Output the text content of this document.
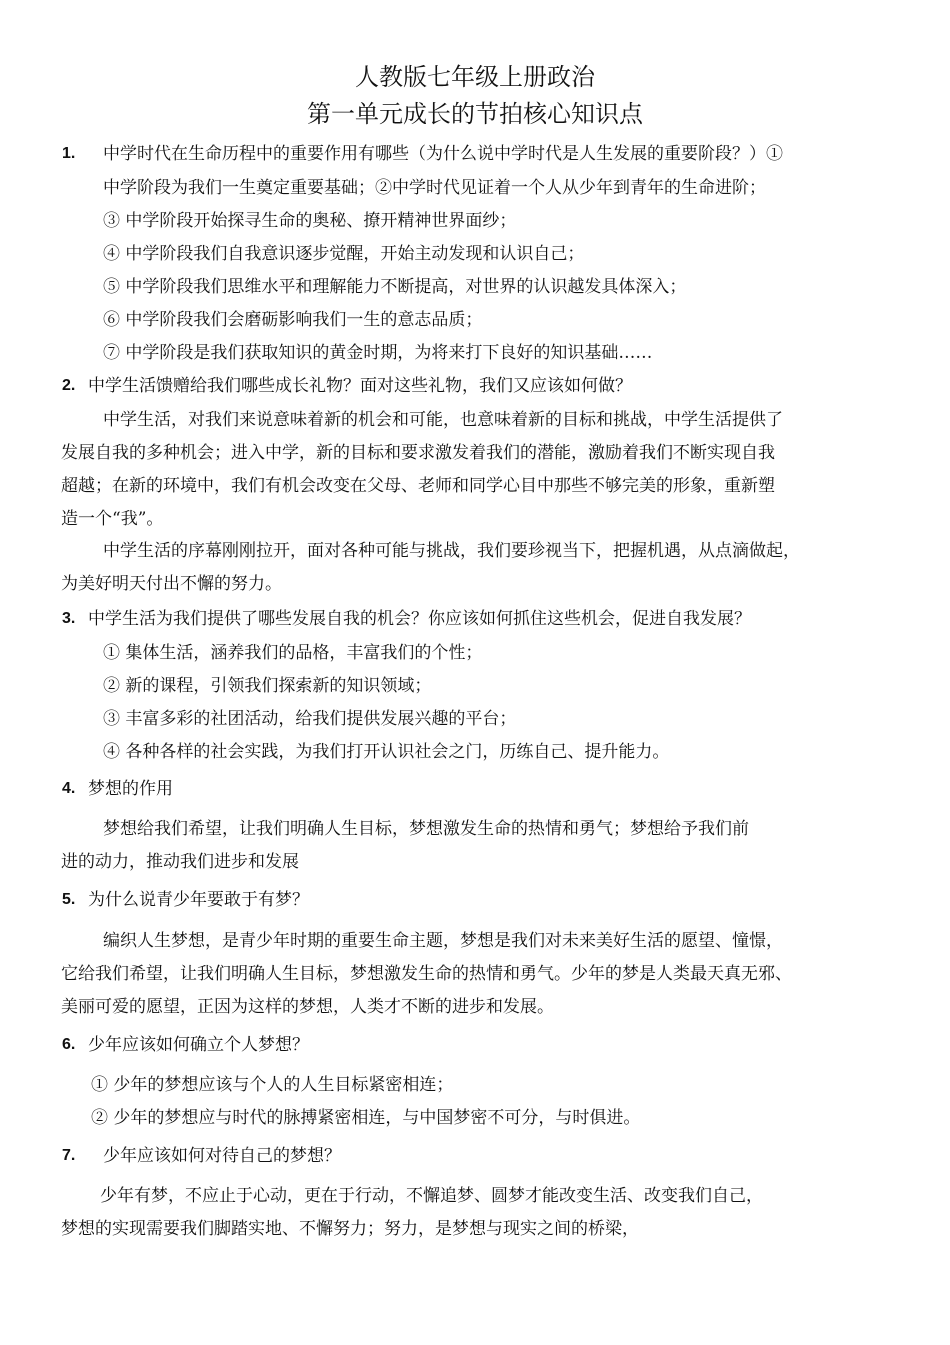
人教版七年级上册政治
第一单元成长的节拍核心知识点
1. 中学时代在生命历程中的重要作用有哪些（为什么说中学时代是人生发展的重要阶段？）①
中学阶段为我们一生奠定重要基础；②中学时代见证着一个人从少年到青年的生命进阶；
③ 中学阶段开始探寻生命的奥秘、撩开精神世界面纱；
④ 中学阶段我们自我意识逐步觉醒，开始主动发现和认识自己；
⑤ 中学阶段我们思维水平和理解能力不断提高，对世界的认识越发具体深入；
⑥ 中学阶段我们会磨砺影响我们一生的意志品质；
⑦ 中学阶段是我们获取知识的黄金时期，为将来打下良好的知识基础……
2. 中学生活馈赠给我们哪些成长礼物？面对这些礼物，我们又应该如何做？
中学生活，对我们来说意味着新的机会和可能，也意味着新的目标和挑战，中学生活提供了
发展自我的多种机会；进入中学，新的目标和要求激发着我们的潜能，激励着我们不断实现自我
超越；在新的环境中，我们有机会改变在父母、老师和同学心目中那些不够完美的形象，重新塑
造一个“我”。
中学生活的序幕刚刚拉开，面对各种可能与挑战，我们要珍视当下，把握机遇，从点滴做起，
为美好明天付出不懈的努力。
3. 中学生活为我们提供了哪些发展自我的机会？你应该如何抓住这些机会，促进自我发展？
① 集体生活，涵养我们的品格，丰富我们的个性；
② 新的课程，引领我们探索新的知识领域；
③ 丰富多彩的社团活动，给我们提供发展兴趣的平台；
④ 各种各样的社会实践，为我们打开认识社会之门，历练自己、提升能力。
4. 梦想的作用
梦想给我们希望，让我们明确人生目标，梦想激发生命的热情和勇气；梦想给予我们前
进的动力，推动我们进步和发展
5. 为什么说青少年要敢于有梦？
编织人生梦想，是青少年时期的重要生命主题，梦想是我们对未来美好生活的愿望、憧憬，
它给我们希望，让我们明确人生目标，梦想激发生命的热情和勇气。少年的梦是人类最天真无邪、
美丽可爱的愿望，正因为这样的梦想，人类才不断的进步和发展。
6. 少年应该如何确立个人梦想？
① 少年的梦想应该与个人的人生目标紧密相连；
② 少年的梦想应与时代的脉搏紧密相连，与中国梦密不可分，与时俱进。
7. 少年应该如何对待自己的梦想？
少年有梦，不应止于心动，更在于行动，不懈追梦、圆梦才能改变生活、改变我们自己，
梦想的实现需要我们脚踏实地、不懈努力；努力，是梦想与现实之间的桥梁，
